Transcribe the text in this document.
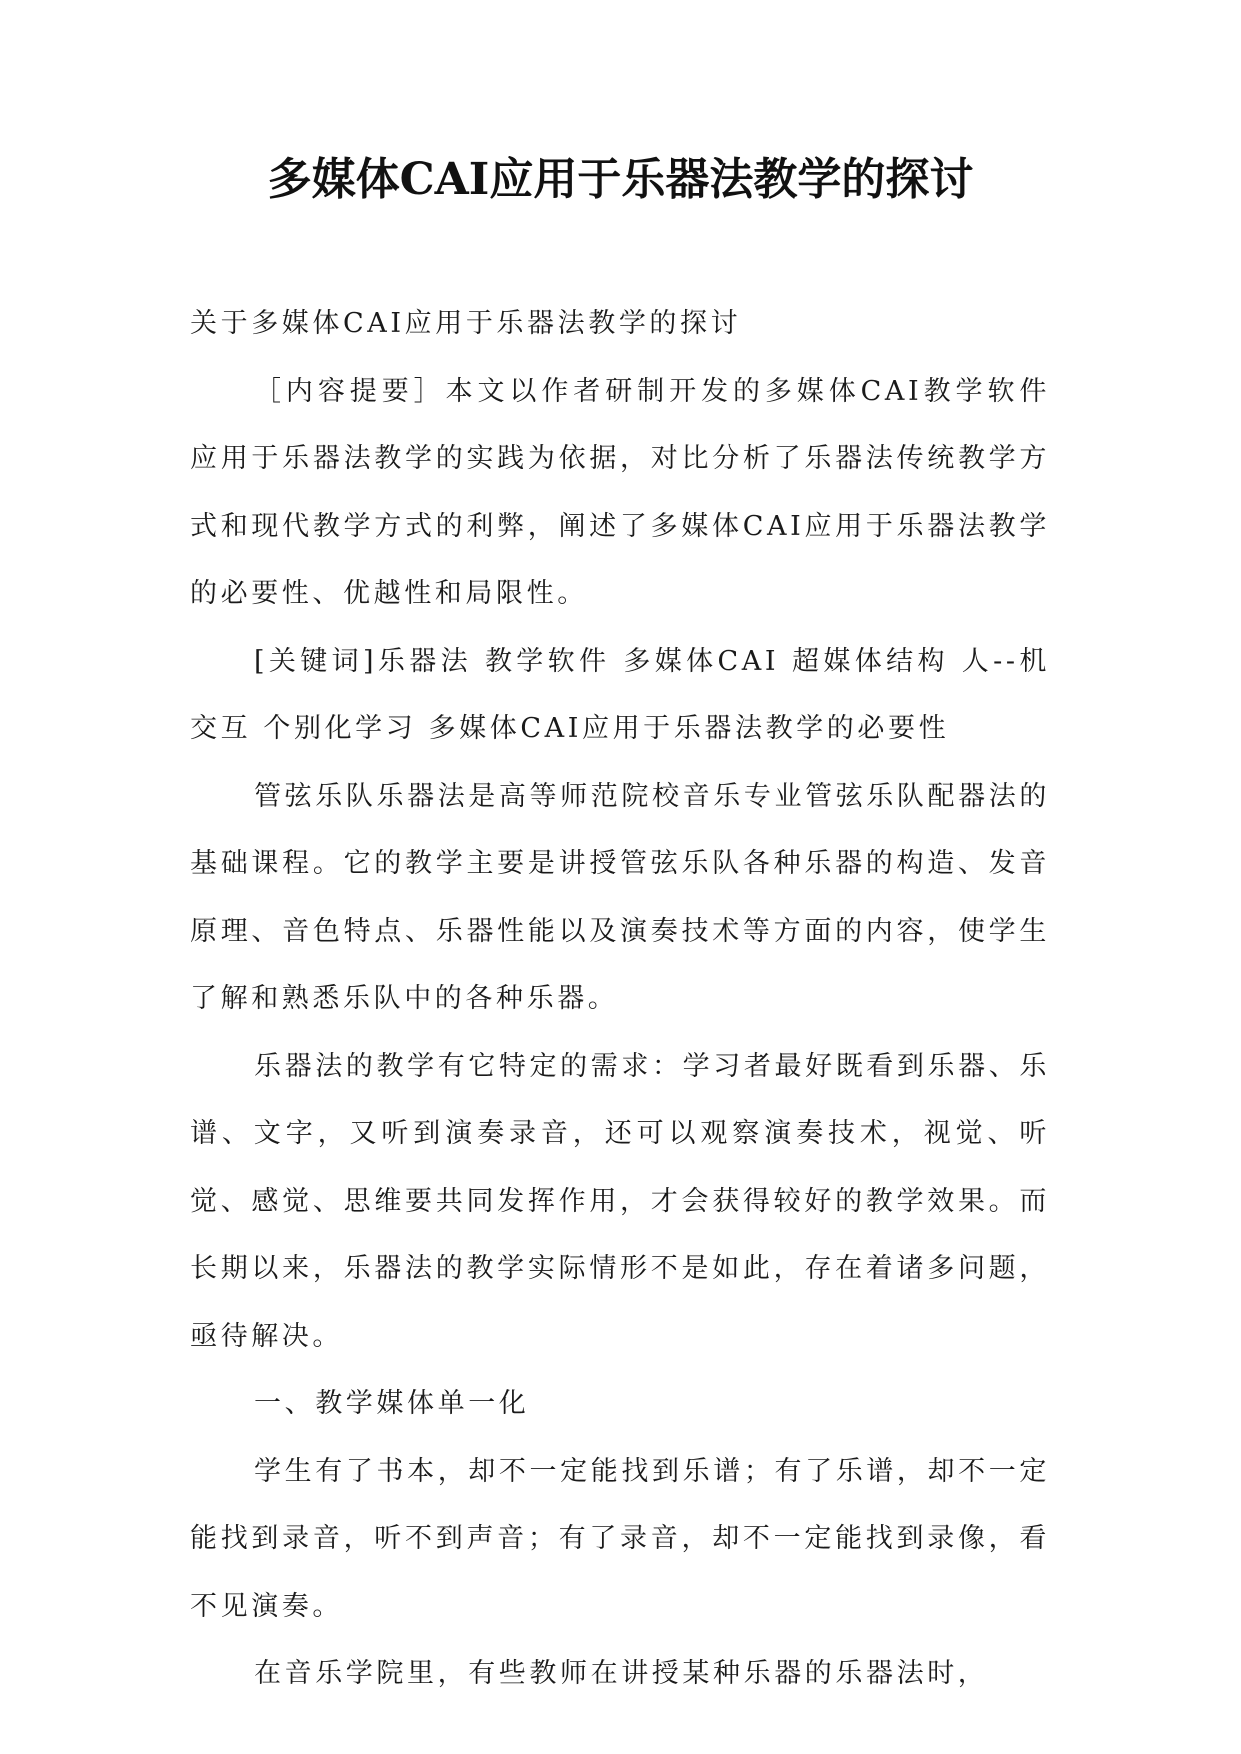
多媒体CAI应用于乐器法教学的探讨

关于多媒体CAI应用于乐器法教学的探讨

［内容提要］本文以作者研制开发的多媒体CAI教学软件应用于乐器法教学的实践为依据，对比分析了乐器法传统教学方式和现代教学方式的利弊，阐述了多媒体CAI应用于乐器法教学的必要性、优越性和局限性。

[关键词]乐器法 教学软件 多媒体CAI 超媒体结构 人--机交互 个别化学习 多媒体CAI应用于乐器法教学的必要性

管弦乐队乐器法是高等师范院校音乐专业管弦乐队配器法的基础课程。它的教学主要是讲授管弦乐队各种乐器的构造、发音原理、音色特点、乐器性能以及演奏技术等方面的内容，使学生了解和熟悉乐队中的各种乐器。

乐器法的教学有它特定的需求：学习者最好既看到乐器、乐谱、文字，又听到演奏录音，还可以观察演奏技术，视觉、听觉、感觉、思维要共同发挥作用，才会获得较好的教学效果。而长期以来，乐器法的教学实际情形不是如此，存在着诸多问题，亟待解决。

一、教学媒体单一化

学生有了书本，却不一定能找到乐谱；有了乐谱，却不一定能找到录音，听不到声音；有了录音，却不一定能找到录像，看不见演奏。

在音乐学院里，有些教师在讲授某种乐器的乐器法时，
